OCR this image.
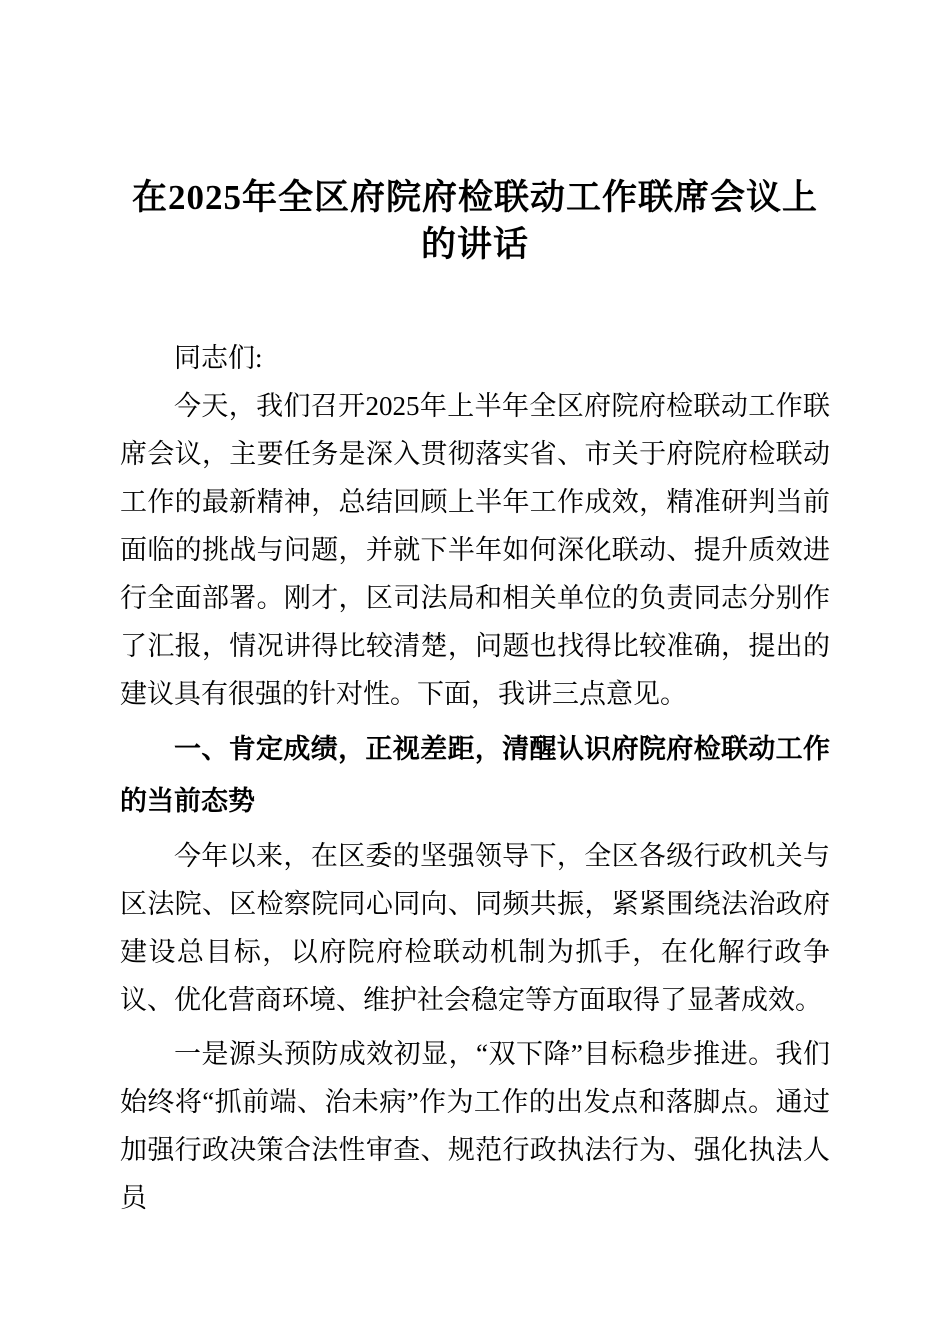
在2025年全区府院府检联动工作联席会议上的讲话

同志们:

今天，我们召开2025年上半年全区府院府检联动工作联席会议，主要任务是深入贯彻落实省、市关于府院府检联动工作的最新精神，总结回顾上半年工作成效，精准研判当前面临的挑战与问题，并就下半年如何深化联动、提升质效进行全面部署。刚才，区司法局和相关单位的负责同志分别作了汇报，情况讲得比较清楚，问题也找得比较准确，提出的建议具有很强的针对性。下面，我讲三点意见。

一、肯定成绩，正视差距，清醒认识府院府检联动工作的当前态势

今年以来，在区委的坚强领导下，全区各级行政机关与区法院、区检察院同心同向、同频共振，紧紧围绕法治政府建设总目标，以府院府检联动机制为抓手，在化解行政争议、优化营商环境、维护社会稳定等方面取得了显著成效。

一是源头预防成效初显，“双下降”目标稳步推进。我们始终将“抓前端、治未病”作为工作的出发点和落脚点。通过加强行政决策合法性审查、规范行政执法行为、强化执法人员
